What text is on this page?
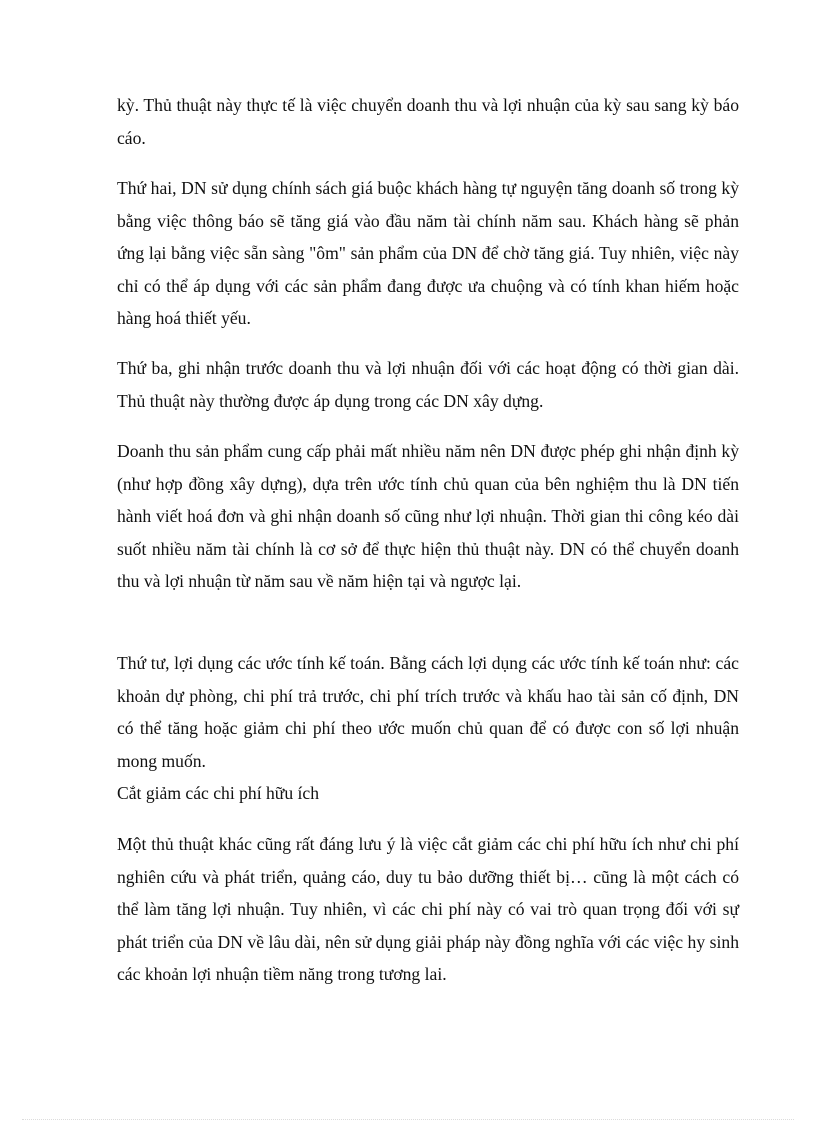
kỳ. Thủ thuật này thực tế là việc chuyển doanh thu và lợi nhuận của kỳ sau sang kỳ báo cáo.

Thứ hai, DN sử dụng chính sách giá buộc khách hàng tự nguyện tăng doanh số trong kỳ bằng việc thông báo sẽ tăng giá vào đầu năm tài chính năm sau. Khách hàng sẽ phản ứng lại bằng việc sẵn sàng "ôm" sản phẩm của DN để chờ tăng giá. Tuy nhiên, việc này chỉ có thể áp dụng với các sản phẩm đang được ưa chuộng và có tính khan hiếm hoặc hàng hoá thiết yếu.

Thứ ba, ghi nhận trước doanh thu và lợi nhuận đối với các hoạt động có thời gian dài. Thủ thuật này thường được áp dụng trong các DN xây dựng.

Doanh thu sản phẩm cung cấp phải mất nhiều năm nên DN được phép ghi nhận định kỳ (như hợp đồng xây dựng), dựa trên ước tính chủ quan của bên nghiệm thu là DN tiến hành viết hoá đơn và ghi nhận doanh số cũng như lợi nhuận. Thời gian thi công kéo dài suốt nhiều năm tài chính là cơ sở để thực hiện thủ thuật này. DN có thể chuyển doanh thu và lợi nhuận từ năm sau về năm hiện tại và ngược lại.

Thứ tư, lợi dụng các ước tính kế toán. Bằng cách lợi dụng các ước tính kế toán như: các khoản dự phòng, chi phí trả trước, chi phí trích trước và khấu hao tài sản cố định, DN có thể tăng hoặc giảm chi phí theo ước muốn chủ quan để có được con số lợi nhuận mong muốn.

Cắt giảm các chi phí hữu ích

Một thủ thuật khác cũng rất đáng lưu ý là việc cắt giảm các chi phí hữu ích như chi phí nghiên cứu và phát triển, quảng cáo, duy tu bảo dưỡng thiết bị… cũng là một cách có thể làm tăng lợi nhuận. Tuy nhiên, vì các chi phí này có vai trò quan trọng đối với sự phát triển của DN về lâu dài, nên sử dụng giải pháp này đồng nghĩa với các việc hy sinh các khoản lợi nhuận tiềm năng trong tương lai.
